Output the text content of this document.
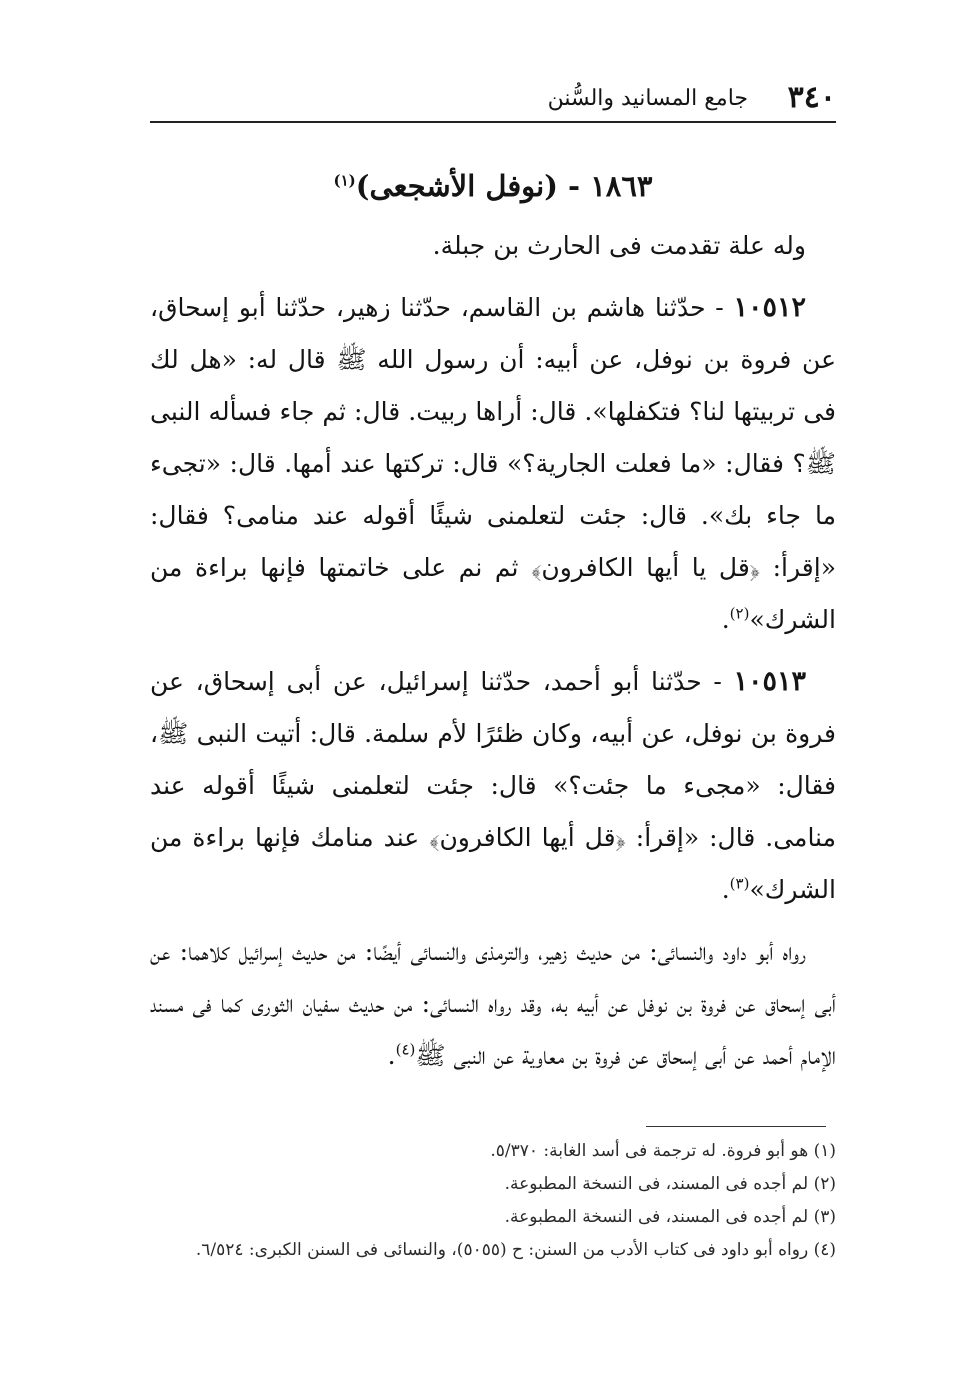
٣٤٠
جامع المسانيد والسُّنن
١٨٦٣ - (نوفل الأشجعى)$^{(١)}$

وله علة تقدمت فى الحارث بن جبلة.

١٠٥١٢ - حدّثنا هاشم بن القاسم، حدّثنا زهير، حدّثنا أبو إسحاق، عن فروة بن نوفل، عن أبيه: أن رسول الله ﷺ قال له: «هل لك فى تربيتها لنا؟ فتكفلها». قال: أراها ربيت. قال: ثم جاء فسأله النبى ﷺ؟ فقال: «ما فعلت الجارية؟» قال: تركتها عند أمها. قال: «تجىء ما جاء بك». قال: جئت لتعلمنى شيئًا أقوله عند منامى؟ فقال: «إقرأ: ﴿قل يا أيها الكافرون﴾ ثم نم على خاتمتها فإنها براءة من الشرك»$^{(٢)}$.

١٠٥١٣ - حدّثنا أبو أحمد، حدّثنا إسرائيل، عن أبى إسحاق، عن فروة بن نوفل، عن أبيه، وكان ظئرًا لأم سلمة. قال: أتيت النبى ﷺ، فقال: «مجىء ما جئت؟» قال: جئت لتعلمنى شيئًا أقوله عند منامى. قال: «إقرأ: ﴿قل أيها الكافرون﴾ عند منامك فإنها براءة من الشرك»$^{(٣)}$.

رواه أبو داود والنسائى: من حديث زهير، والترمذى والنسائى أيضًا: من حديث إسرائيل كلاهما: عن أبى إسحاق عن فروة بن نوفل عن أبيه به، وقد رواه النسائى: من حديث سفيان الثورى كما فى مسند الإمام أحمد عن أبى إسحاق عن فروة بن معاوية عن النبى ﷺ$^{(٤)}$.

(١) هو أبو فروة. له ترجمة فى أسد الغابة: ٥/٣٧٠.

(٢) لم أجده فى المسند، فى النسخة المطبوعة.

(٣) لم أجده فى المسند، فى النسخة المطبوعة.

(٤) رواه أبو داود فى كتاب الأدب من السنن: ح (٥٠٥٥)، والنسائى فى السنن الكبرى: ٦/٥٢٤.
